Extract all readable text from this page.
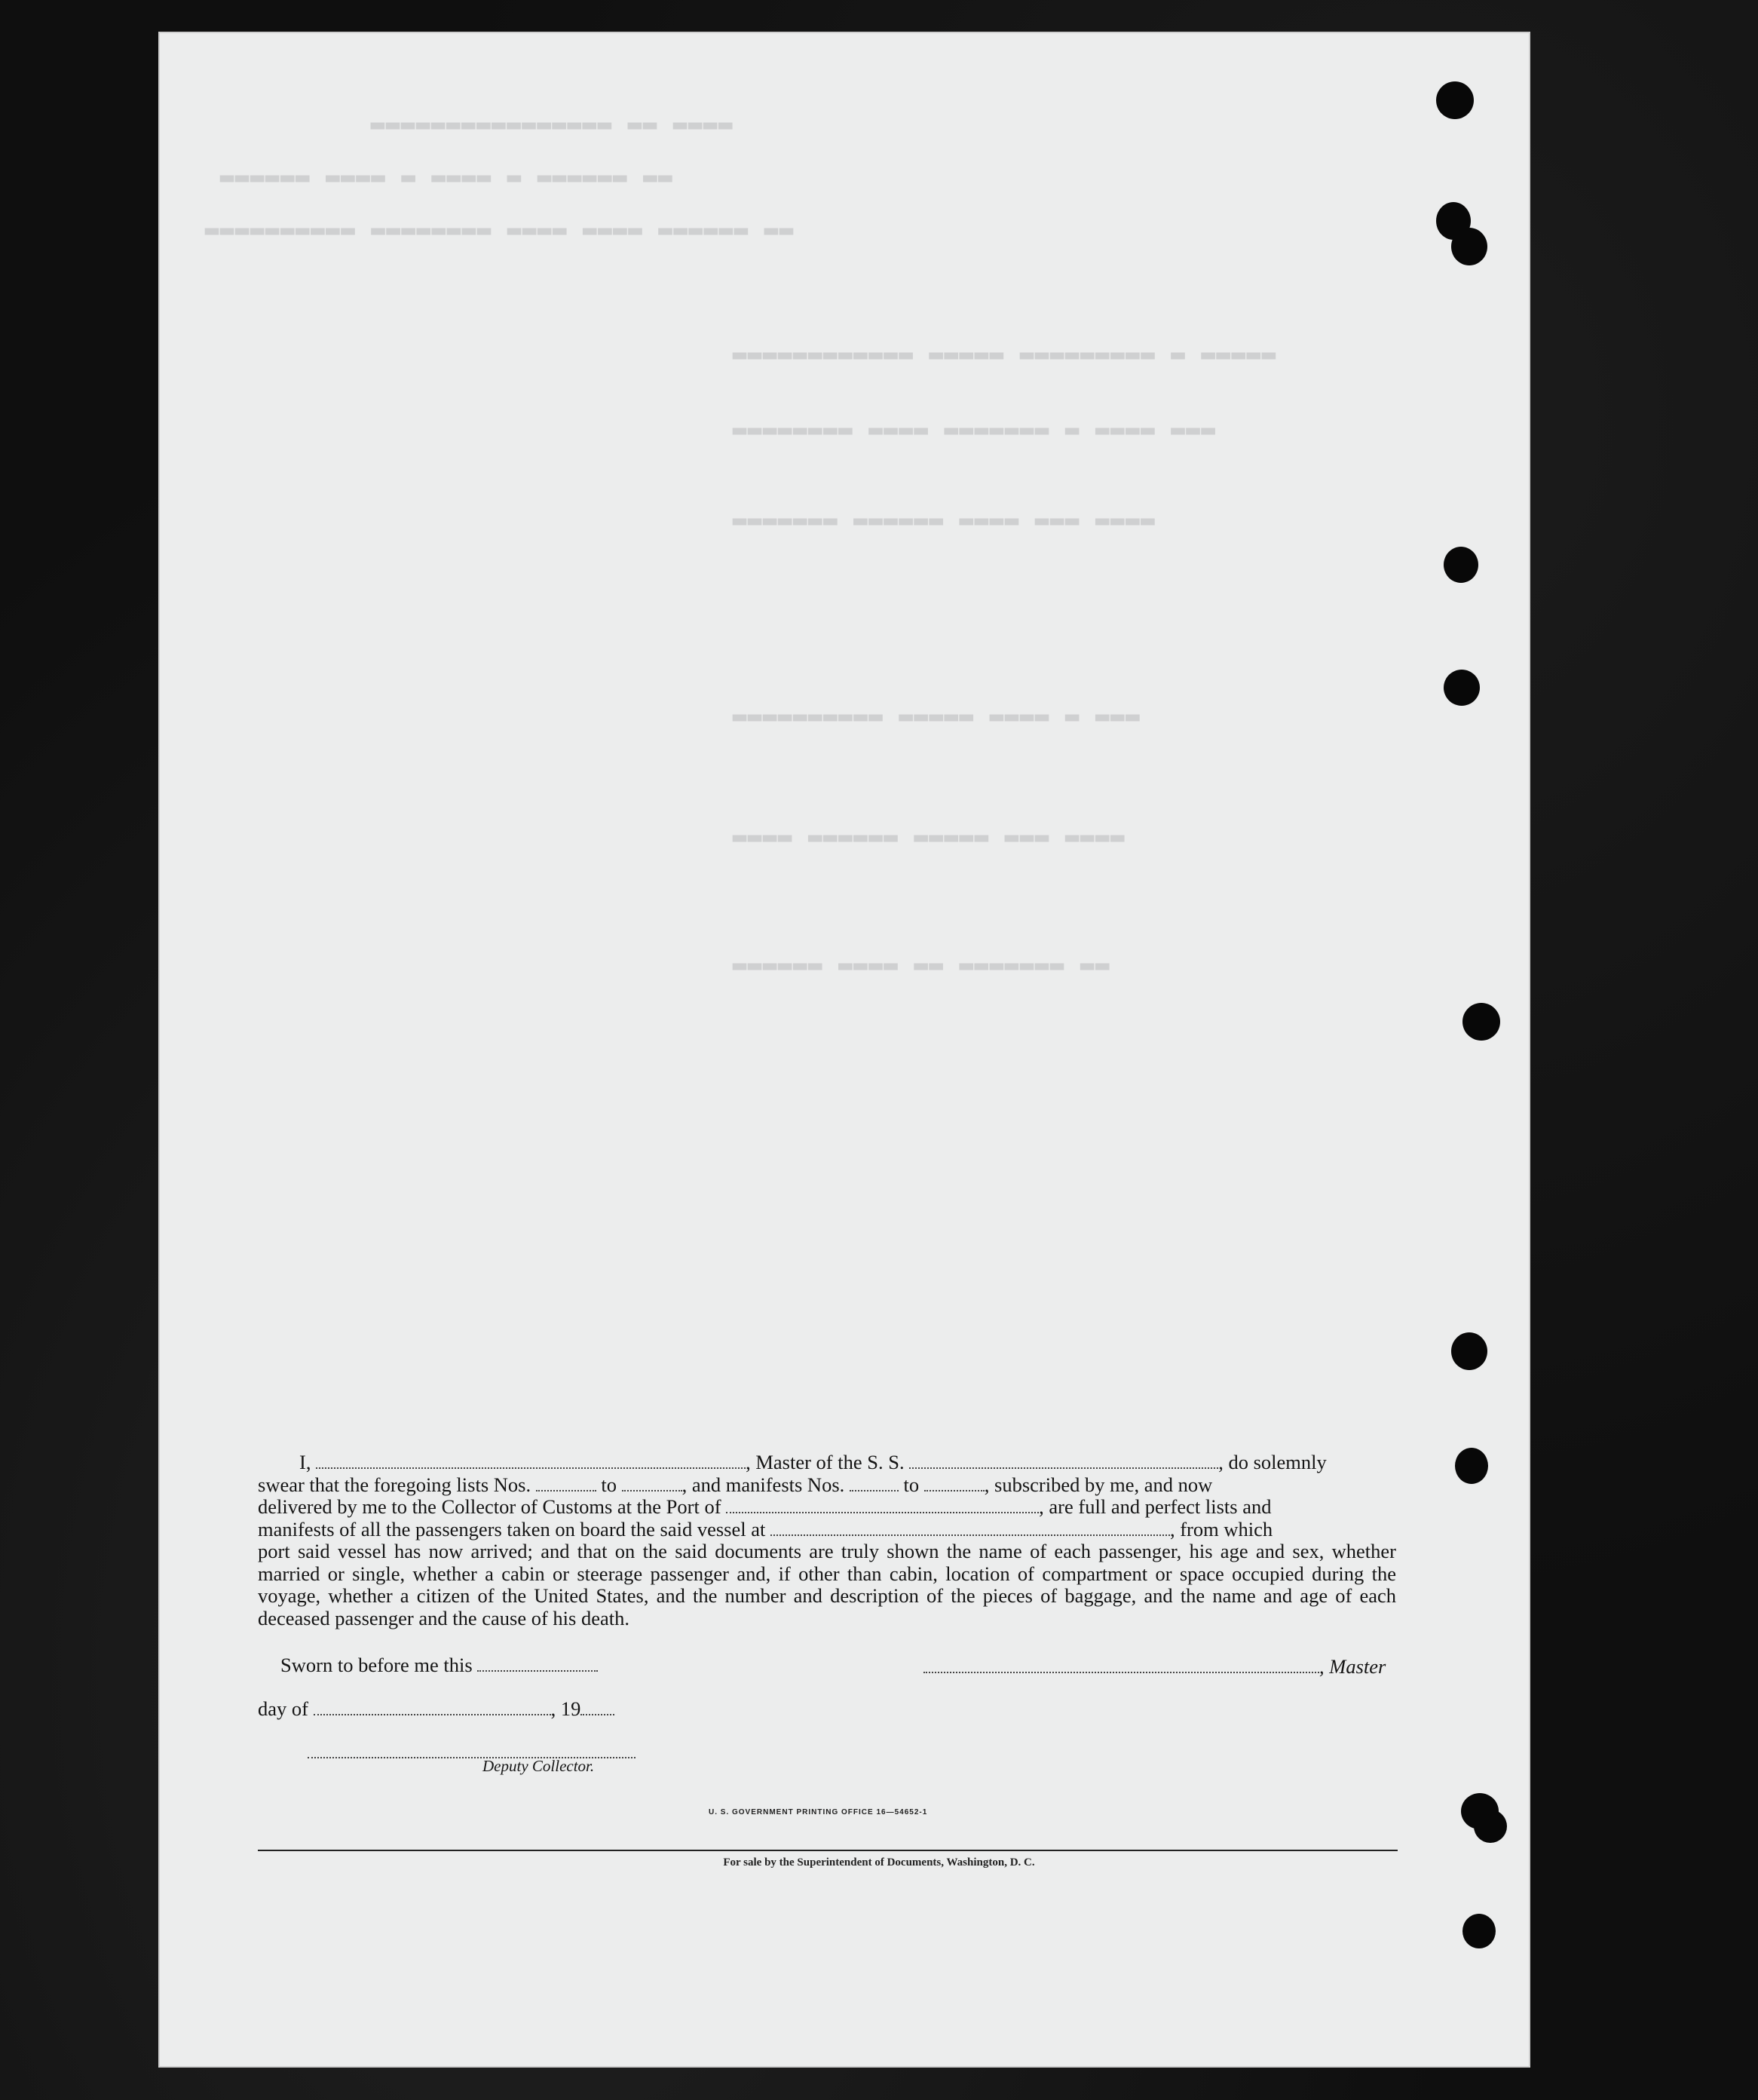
▂▂▂▂ ▂▂ ▂▂▂▂▂▂▂▂▂▂▂▂▂▂▂▂
▂▂ ▂▂▂▂▂▂ ▂ ▂▂▂▂ ▂ ▂▂▂▂ ▂▂▂▂▂▂
▂▂ ▂▂▂▂▂▂ ▂▂▂▂ ▂▂▂▂ ▂▂▂▂▂▂▂▂ ▂▂▂▂▂▂▂▂▂▂
▂▂▂▂▂ ▂ ▂▂▂▂▂▂▂▂▂ ▂▂▂▂▂ ▂▂▂▂▂▂▂▂▂▂▂▂
▂▂▂ ▂▂▂▂ ▂ ▂▂▂▂▂▂▂ ▂▂▂▂ ▂▂▂▂▂▂▂▂
▂▂▂▂ ▂▂▂ ▂▂▂▂ ▂▂▂▂▂▂ ▂▂▂▂▂▂▂
▂▂▂ ▂ ▂▂▂▂ ▂▂▂▂▂ ▂▂▂▂▂▂▂▂▂▂
▂▂▂▂ ▂▂▂ ▂▂▂▂▂ ▂▂▂▂▂▂ ▂▂▂▂
▂▂ ▂▂▂▂▂▂▂ ▂▂ ▂▂▂▂ ▂▂▂▂▂▂

I,	, Master of the S. S.	, do solemnly

swear that the foregoing lists Nos.	to	, and manifests Nos.	to	, subscribed by me, and now

delivered by me to the Collector of Customs at the Port of	, are full and perfect lists and

manifests of all the passengers taken on board the said vessel at	, from which

port said vessel has now arrived; and that on the said documents are truly shown the name of each passenger, his age and sex, whether married or single, whether a cabin or steerage passenger and, if other than cabin, location of compartment or space occupied during the voyage, whether a citizen of the United States, and the number and description of the pieces of baggage, and the name and age of each deceased passenger and the cause of his death.

Sworn to before me this	, Master
day of	, 19
Deputy Collector.
U. S. GOVERNMENT PRINTING OFFICE 16—54652-1
For sale by the Superintendent of Documents, Washington, D. C.
